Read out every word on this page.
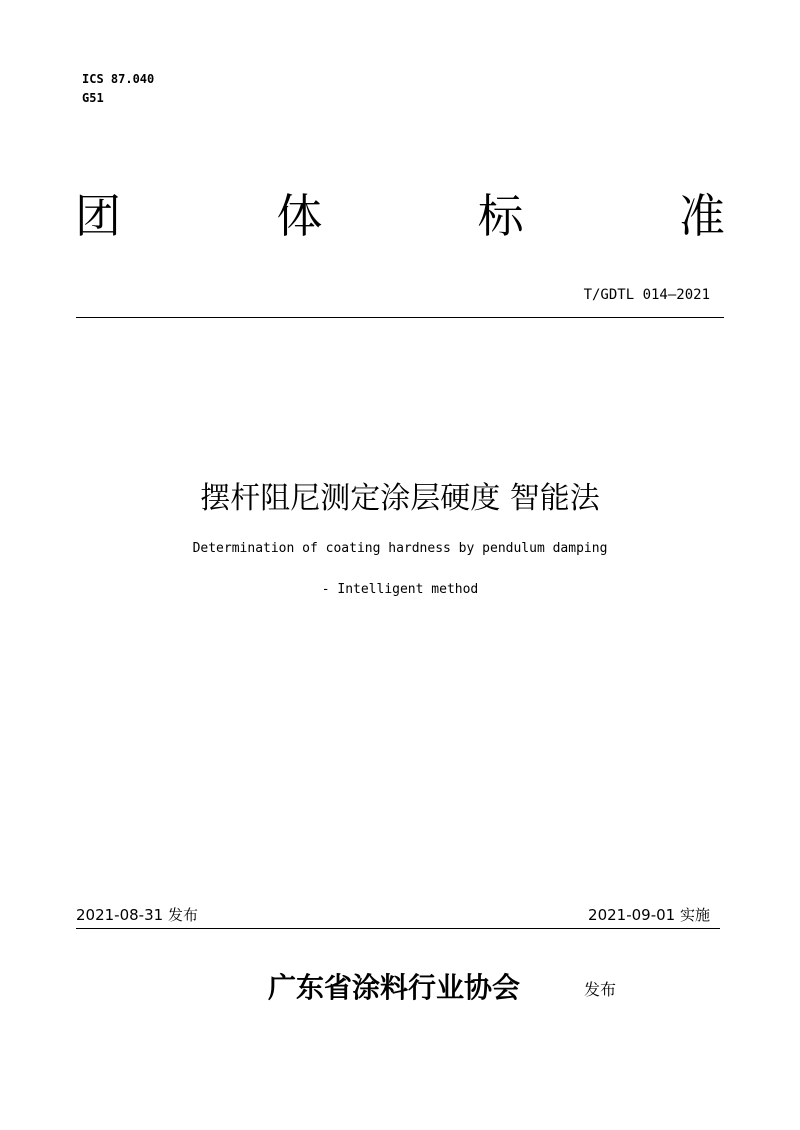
ICS 87.040
G51
团	体	标	准
T/GDTL 014—2021
摆杆阻尼测定涂层硬度 智能法
Determination of coating hardness by pendulum damping
- Intelligent method
2021-08-31 发布	2021-09-01 实施
广东省涂料行业协会	发布
